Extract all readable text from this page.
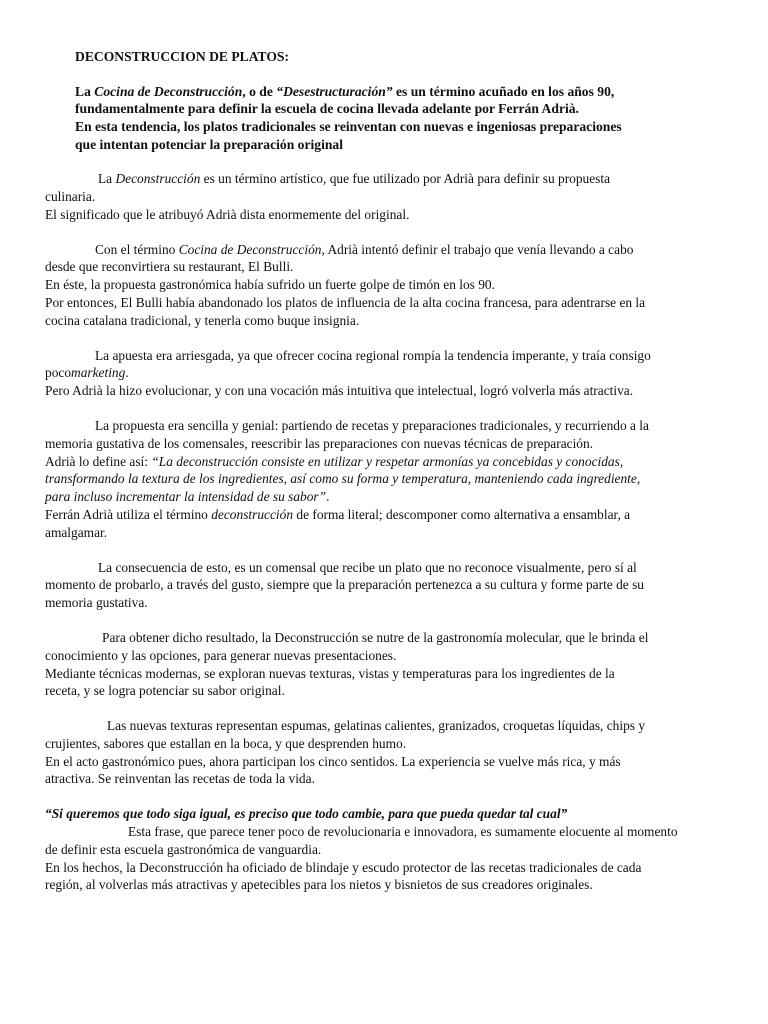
DECONSTRUCCION DE PLATOS:
La Cocina de Deconstrucción, o de “Desestructuración” es un término acuñado en los años 90,
fundamentalmente para definir la escuela de cocina llevada adelante por Ferrán Adrià.
En esta tendencia, los platos tradicionales se reinventan con nuevas e ingeniosas preparaciones
que intentan potenciar la preparación original
La Deconstrucción es un término artístico, que fue utilizado por Adrià para definir su propuesta
culinaria.
El significado que le atribuyó Adrià dista enormemente del original.
Con el término Cocina de Deconstrucción, Adrià intentó definir el trabajo que venía llevando a cabo
desde que reconvirtiera su restaurant, El Bulli.
En éste, la propuesta gastronómica había sufrido un fuerte golpe de timón en los 90.
Por entonces, El Bulli había abandonado los platos de influencia de la alta cocina francesa, para adentrarse en la
cocina catalana tradicional, y tenerla como buque insignia.
La apuesta era arriesgada, ya que ofrecer cocina regional rompía la tendencia imperante, y traía consigo
pocomarketing.
Pero Adrià la hizo evolucionar, y con una vocación más intuitiva que intelectual, logró volverla más atractiva.
La propuesta era sencilla y genial: partiendo de recetas y preparaciones tradicionales, y recurriendo a la
memoria gustativa de los comensales, reescribir las preparaciones con nuevas técnicas de preparación.
Adrià lo define así: “La deconstrucción consiste en utilizar y respetar armonías ya concebidas y conocidas,
transformando la textura de los ingredientes, así como su forma y temperatura, manteniendo cada ingrediente,
para incluso incrementar la intensidad de su sabor”.
Ferrán Adrià utiliza el término deconstrucción de forma literal; descomponer como alternativa a ensamblar, a
amalgamar.
La consecuencia de esto, es un comensal que recibe un plato que no reconoce visualmente, pero sí al
momento de probarlo, a través del gusto, siempre que la preparación pertenezca a su cultura y forme parte de su
memoria gustativa.
Para obtener dicho resultado, la Deconstrucción se nutre de la gastronomía molecular, que le brinda el
conocimiento y las opciones, para generar nuevas presentaciones.
Mediante técnicas modernas, se exploran nuevas texturas, vistas y temperaturas para los ingredientes de la
receta, y se logra potenciar su sabor original.
Las nuevas texturas representan espumas, gelatinas calientes, granizados, croquetas líquidas, chips y
crujientes, sabores que estallan en la boca, y que desprenden humo.
En el acto gastronómico pues, ahora participan los cinco sentidos. La experiencia se vuelve más rica, y más
atractiva. Se reinventan las recetas de toda la vida.
“Si queremos que todo siga igual, es preciso que todo cambie, para que pueda quedar tal cual”
Esta frase, que parece tener poco de revolucionaria e innovadora, es sumamente elocuente al momento
de definir esta escuela gastronómica de vanguardia.
En los hechos, la Deconstrucción ha oficiado de blindaje y escudo protector de las recetas tradicionales de cada
región, al volverlas más atractivas y apetecibles para los nietos y bisnietos de sus creadores originales.
